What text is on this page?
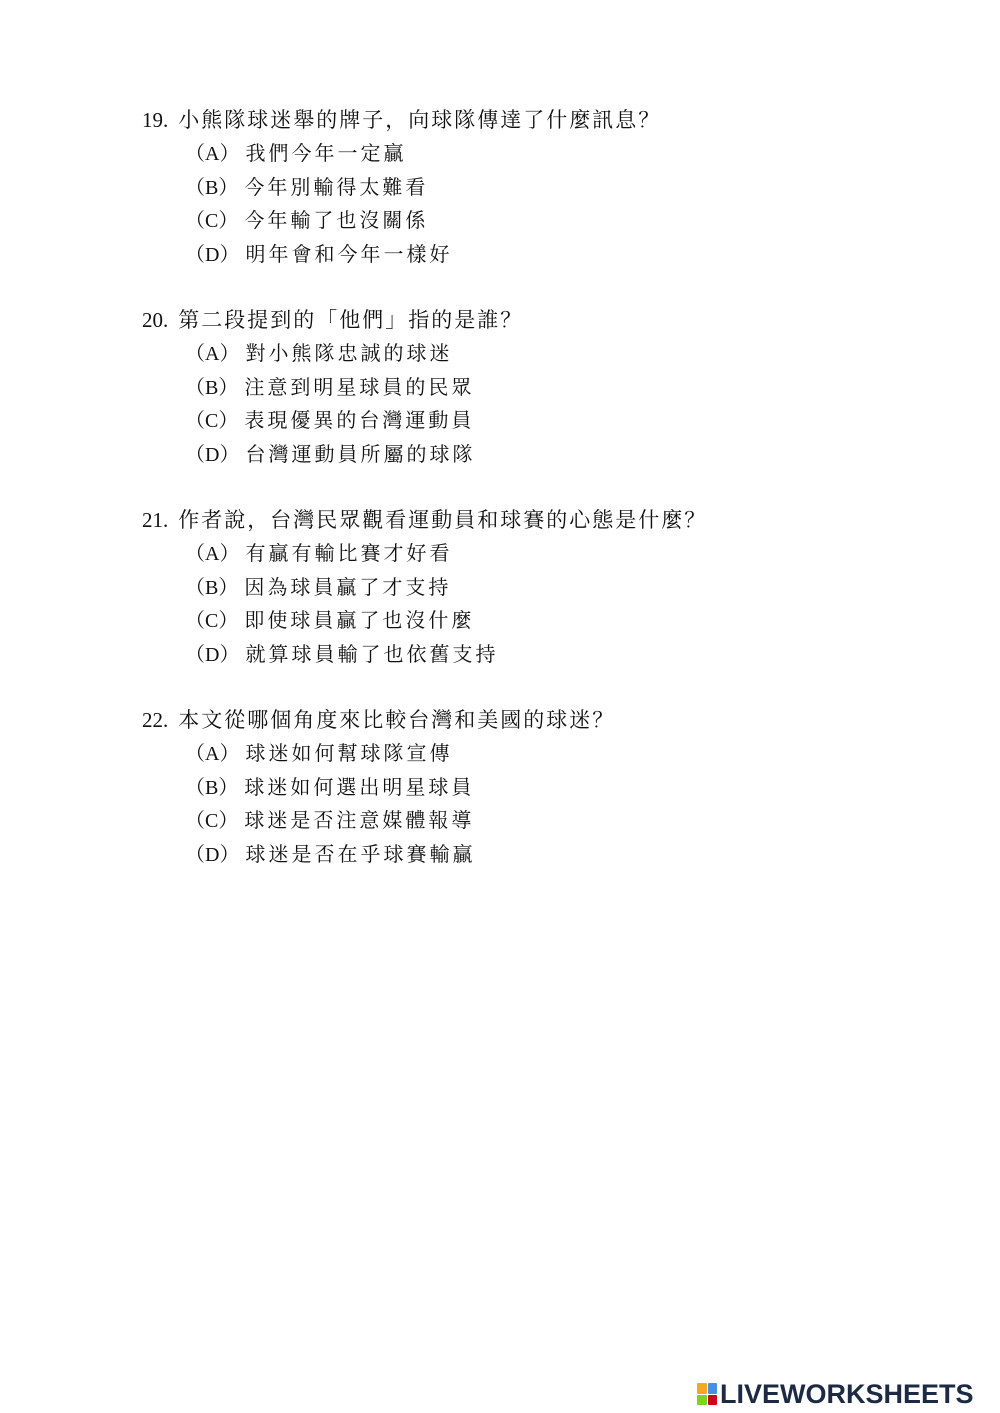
19. 小熊隊球迷舉的牌子，向球隊傳達了什麼訊息？
（A） 我們今年一定贏
（B） 今年別輸得太難看
（C） 今年輸了也沒關係
（D） 明年會和今年一樣好
20. 第二段提到的「他們」指的是誰？
（A） 對小熊隊忠誠的球迷
（B） 注意到明星球員的民眾
（C） 表現優異的台灣運動員
（D） 台灣運動員所屬的球隊
21. 作者說，台灣民眾觀看運動員和球賽的心態是什麼？
（A） 有贏有輸比賽才好看
（B） 因為球員贏了才支持
（C） 即使球員贏了也沒什麼
（D） 就算球員輸了也依舊支持
22. 本文從哪個角度來比較台灣和美國的球迷？
（A） 球迷如何幫球隊宣傳
（B） 球迷如何選出明星球員
（C） 球迷是否注意媒體報導
（D） 球迷是否在乎球賽輸贏
LIVEWORKSHEETS
